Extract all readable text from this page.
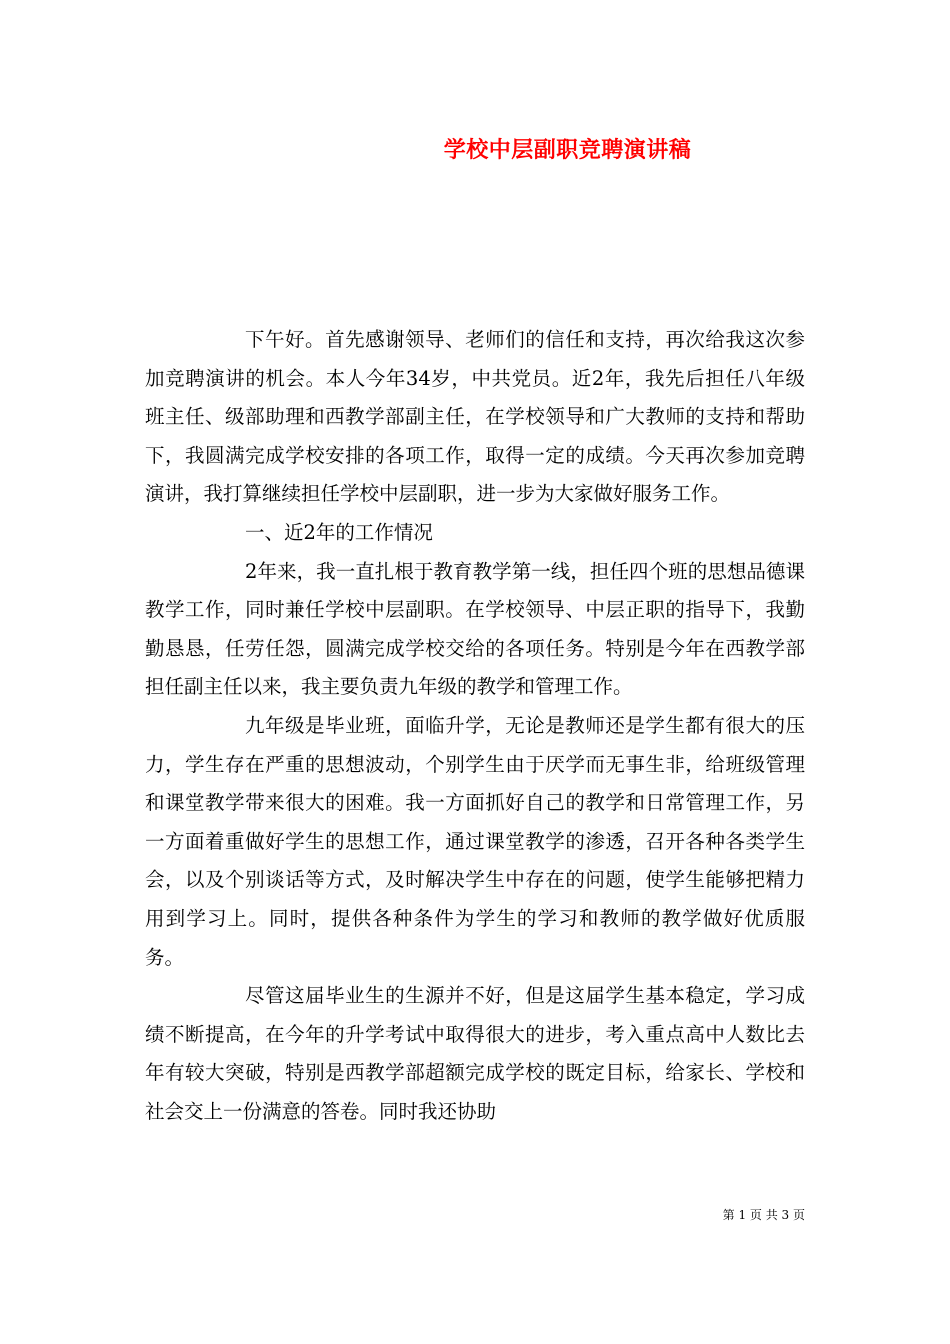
学校中层副职竞聘演讲稿

下午好。首先感谢领导、老师们的信任和支持，再次给我这次参加竞聘演讲的机会。本人今年34岁，中共党员。近2年，我先后担任八年级班主任、级部助理和西教学部副主任，在学校领导和广大教师的支持和帮助下，我圆满完成学校安排的各项工作，取得一定的成绩。今天再次参加竞聘演讲，我打算继续担任学校中层副职，进一步为大家做好服务工作。

一、近2年的工作情况

2年来，我一直扎根于教育教学第一线，担任四个班的思想品德课教学工作，同时兼任学校中层副职。在学校领导、中层正职的指导下，我勤勤恳恳，任劳任怨，圆满完成学校交给的各项任务。特别是今年在西教学部担任副主任以来，我主要负责九年级的教学和管理工作。

九年级是毕业班，面临升学，无论是教师还是学生都有很大的压力，学生存在严重的思想波动，个别学生由于厌学而无事生非，给班级管理和课堂教学带来很大的困难。我一方面抓好自己的教学和日常管理工作，另一方面着重做好学生的思想工作，通过课堂教学的渗透，召开各种各类学生会，以及个别谈话等方式，及时解决学生中存在的问题，使学生能够把精力用到学习上。同时，提供各种条件为学生的学习和教师的教学做好优质服务。

尽管这届毕业生的生源并不好，但是这届学生基本稳定，学习成绩不断提高，在今年的升学考试中取得很大的进步，考入重点高中人数比去年有较大突破，特别是西教学部超额完成学校的既定目标，给家长、学校和社会交上一份满意的答卷。同时我还协助

第 1 页 共 3 页
